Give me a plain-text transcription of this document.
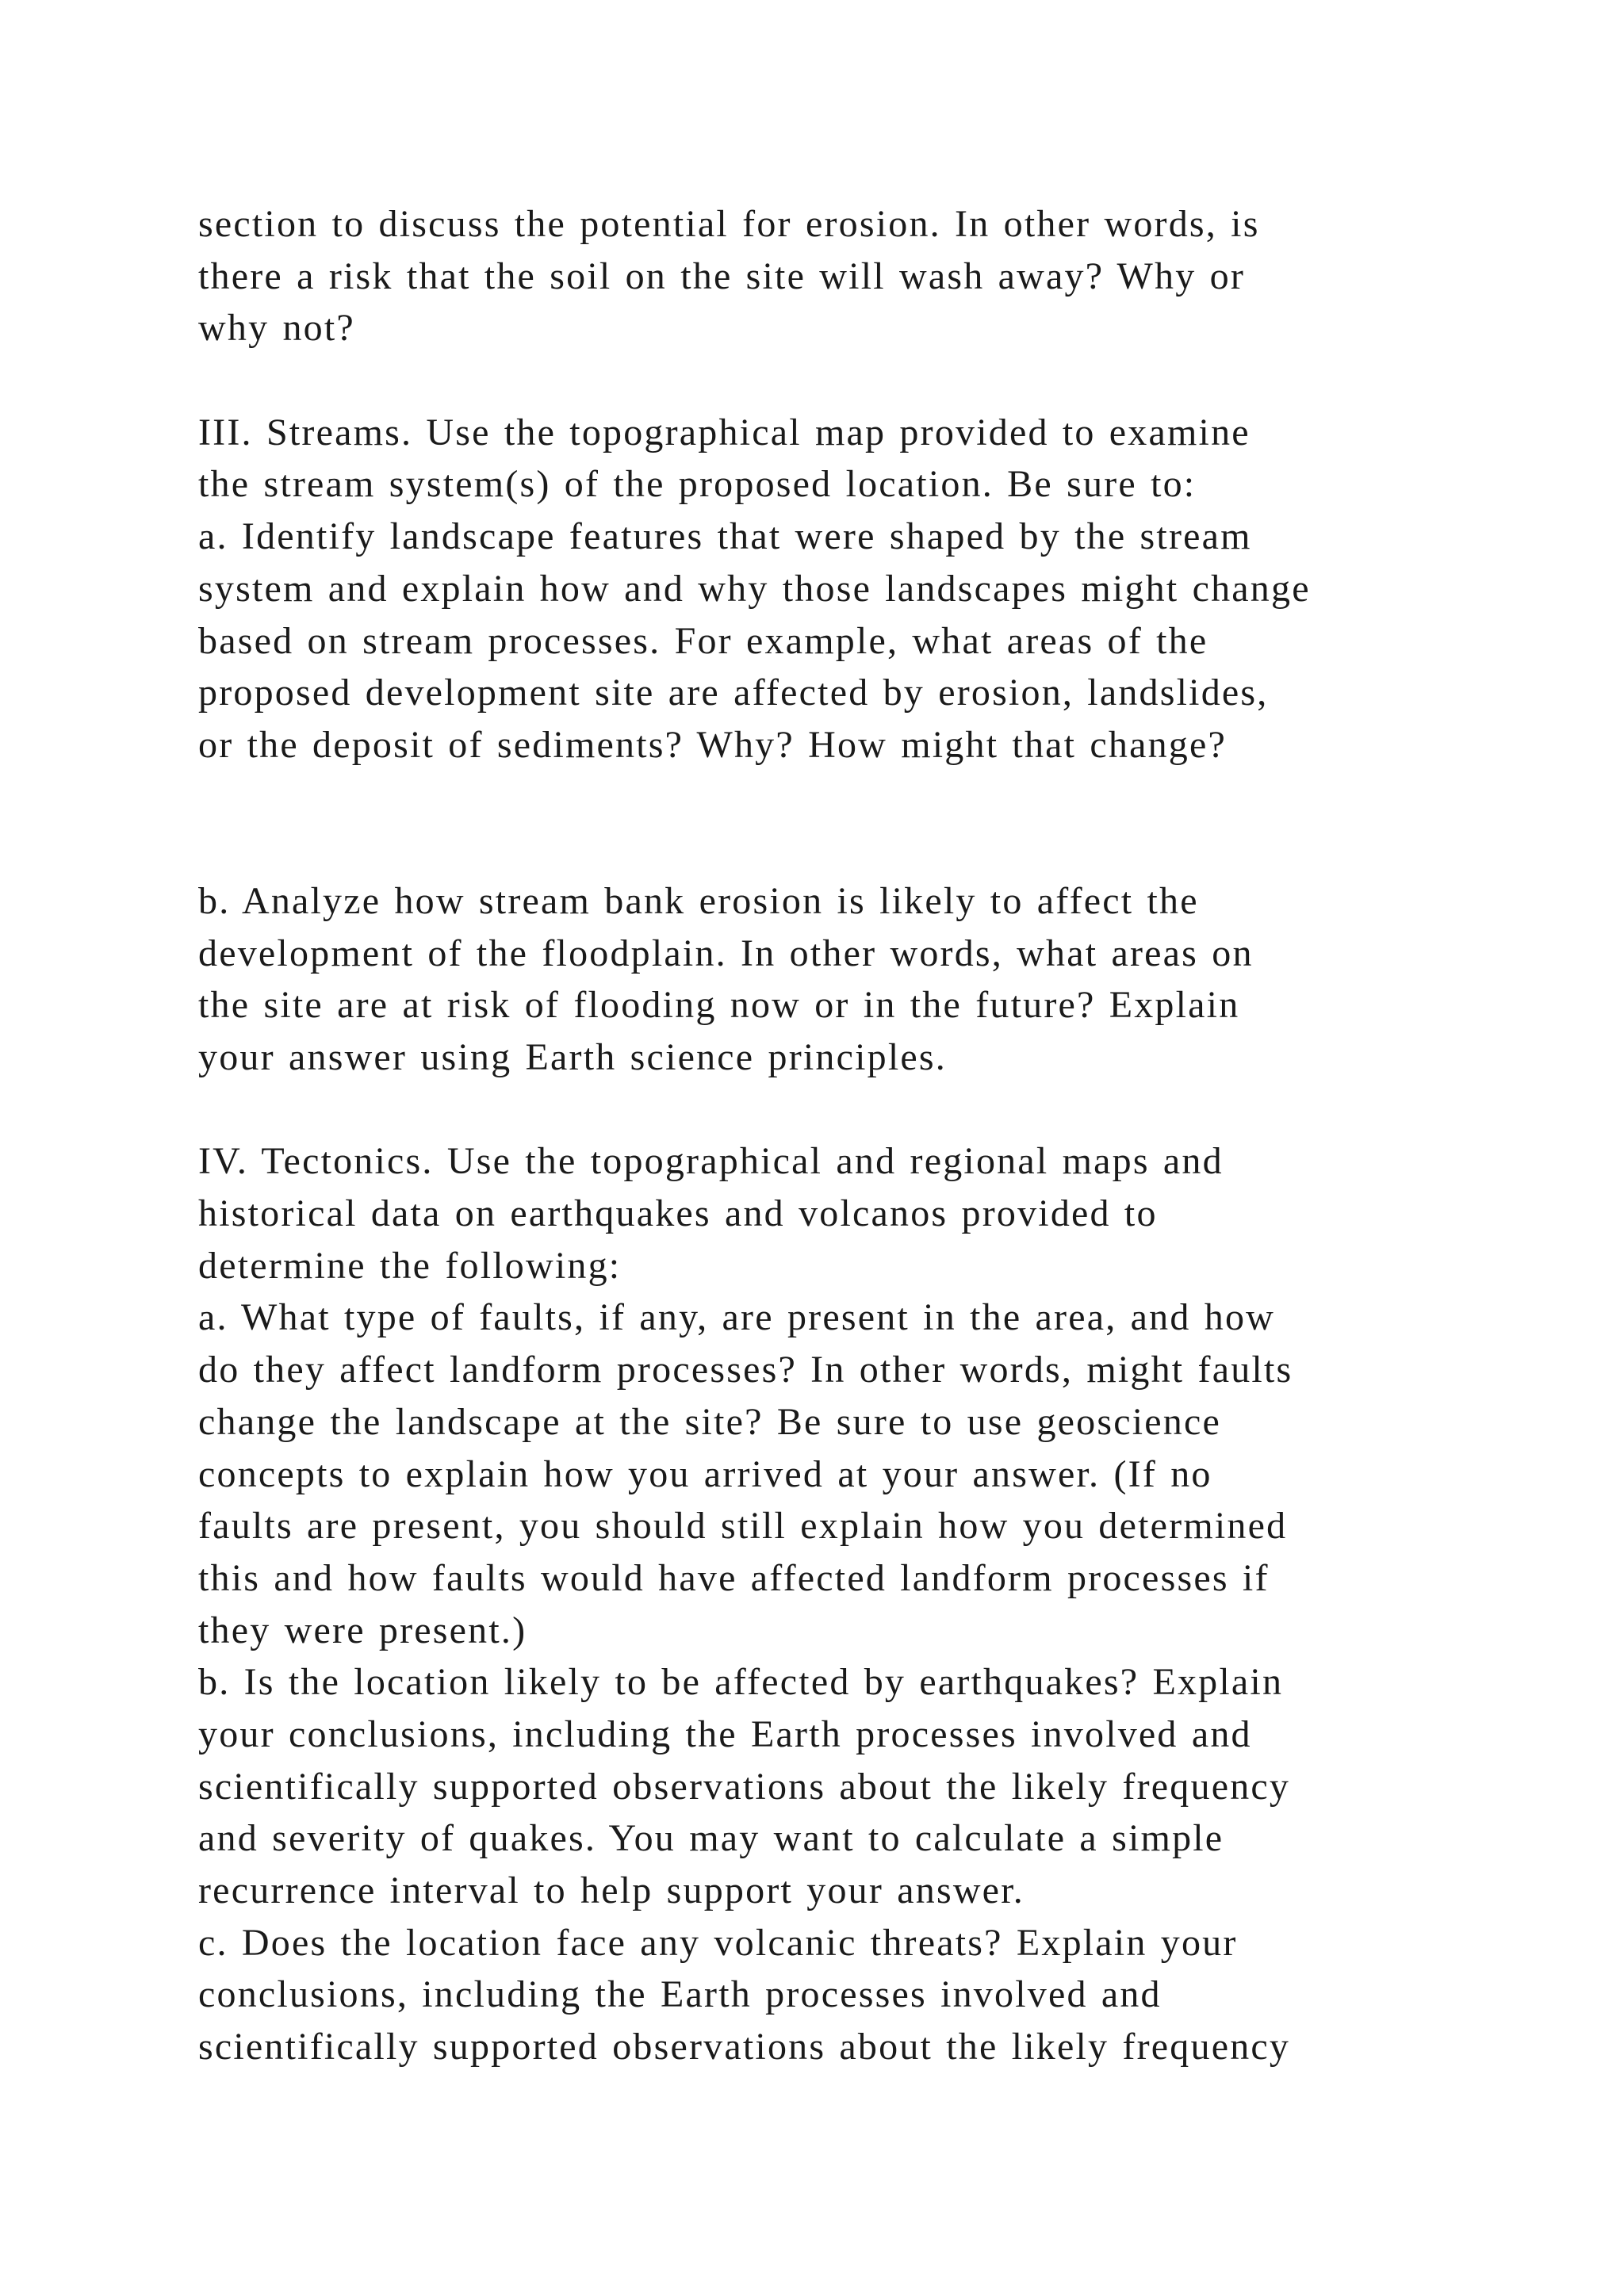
section to discuss the potential for erosion. In other words, is
there a risk that the soil on the site will wash away? Why or
why not?
III. Streams. Use the topographical map provided to examine
the stream system(s) of the proposed location. Be sure to:
a. Identify landscape features that were shaped by the stream
system and explain how and why those landscapes might change
based on stream processes. For example, what areas of the
proposed development site are affected by erosion, landslides,
or the deposit of sediments? Why? How might that change?
b. Analyze how stream bank erosion is likely to affect the
development of the floodplain. In other words, what areas on
the site are at risk of flooding now or in the future? Explain
your answer using Earth science principles.
IV. Tectonics. Use the topographical and regional maps and
historical data on earthquakes and volcanos provided to
determine the following:
a. What type of faults, if any, are present in the area, and how
do they affect landform processes? In other words, might faults
change the landscape at the site? Be sure to use geoscience
concepts to explain how you arrived at your answer. (If no
faults are present, you should still explain how you determined
this and how faults would have affected landform processes if
they were present.)
b. Is the location likely to be affected by earthquakes? Explain
your conclusions, including the Earth processes involved and
scientifically supported observations about the likely frequency
and severity of quakes. You may want to calculate a simple
recurrence interval to help support your answer.
c. Does the location face any volcanic threats? Explain your
conclusions, including the Earth processes involved and
scientifically supported observations about the likely frequency
